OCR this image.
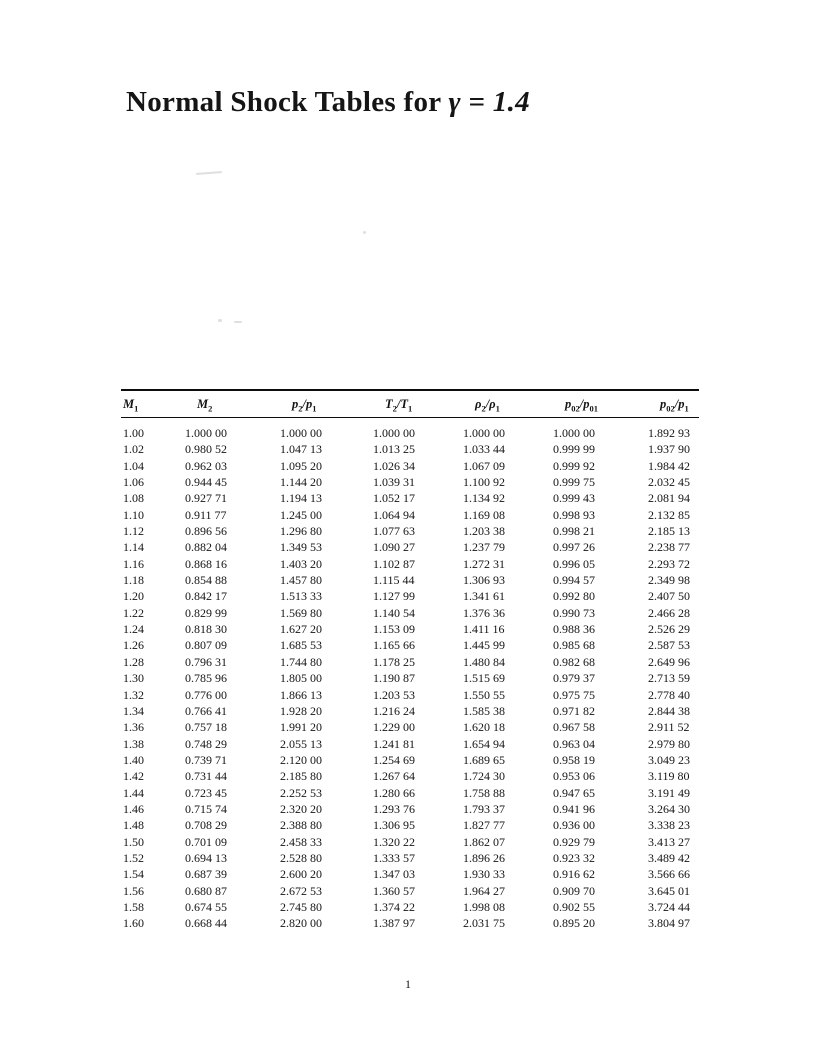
Normal Shock Tables for γ = 1.4
$M_1$	$M_2$	$p_2/p_1$	$T_2/T_1$	$\rho_2/\rho_1$	$p_{02}/p_{01}$	$p_{02}/p_1$
1.00	1.000 00	1.000 00	1.000 00	1.000 00	1.000 00	1.892 93
1.02	0.980 52	1.047 13	1.013 25	1.033 44	0.999 99	1.937 90
1.04	0.962 03	1.095 20	1.026 34	1.067 09	0.999 92	1.984 42
1.06	0.944 45	1.144 20	1.039 31	1.100 92	0.999 75	2.032 45
1.08	0.927 71	1.194 13	1.052 17	1.134 92	0.999 43	2.081 94
1.10	0.911 77	1.245 00	1.064 94	1.169 08	0.998 93	2.132 85
1.12	0.896 56	1.296 80	1.077 63	1.203 38	0.998 21	2.185 13
1.14	0.882 04	1.349 53	1.090 27	1.237 79	0.997 26	2.238 77
1.16	0.868 16	1.403 20	1.102 87	1.272 31	0.996 05	2.293 72
1.18	0.854 88	1.457 80	1.115 44	1.306 93	0.994 57	2.349 98
1.20	0.842 17	1.513 33	1.127 99	1.341 61	0.992 80	2.407 50
1.22	0.829 99	1.569 80	1.140 54	1.376 36	0.990 73	2.466 28
1.24	0.818 30	1.627 20	1.153 09	1.411 16	0.988 36	2.526 29
1.26	0.807 09	1.685 53	1.165 66	1.445 99	0.985 68	2.587 53
1.28	0.796 31	1.744 80	1.178 25	1.480 84	0.982 68	2.649 96
1.30	0.785 96	1.805 00	1.190 87	1.515 69	0.979 37	2.713 59
1.32	0.776 00	1.866 13	1.203 53	1.550 55	0.975 75	2.778 40
1.34	0.766 41	1.928 20	1.216 24	1.585 38	0.971 82	2.844 38
1.36	0.757 18	1.991 20	1.229 00	1.620 18	0.967 58	2.911 52
1.38	0.748 29	2.055 13	1.241 81	1.654 94	0.963 04	2.979 80
1.40	0.739 71	2.120 00	1.254 69	1.689 65	0.958 19	3.049 23
1.42	0.731 44	2.185 80	1.267 64	1.724 30	0.953 06	3.119 80
1.44	0.723 45	2.252 53	1.280 66	1.758 88	0.947 65	3.191 49
1.46	0.715 74	2.320 20	1.293 76	1.793 37	0.941 96	3.264 30
1.48	0.708 29	2.388 80	1.306 95	1.827 77	0.936 00	3.338 23
1.50	0.701 09	2.458 33	1.320 22	1.862 07	0.929 79	3.413 27
1.52	0.694 13	2.528 80	1.333 57	1.896 26	0.923 32	3.489 42
1.54	0.687 39	2.600 20	1.347 03	1.930 33	0.916 62	3.566 66
1.56	0.680 87	2.672 53	1.360 57	1.964 27	0.909 70	3.645 01
1.58	0.674 55	2.745 80	1.374 22	1.998 08	0.902 55	3.724 44
1.60	0.668 44	2.820 00	1.387 97	2.031 75	0.895 20	3.804 97
1
